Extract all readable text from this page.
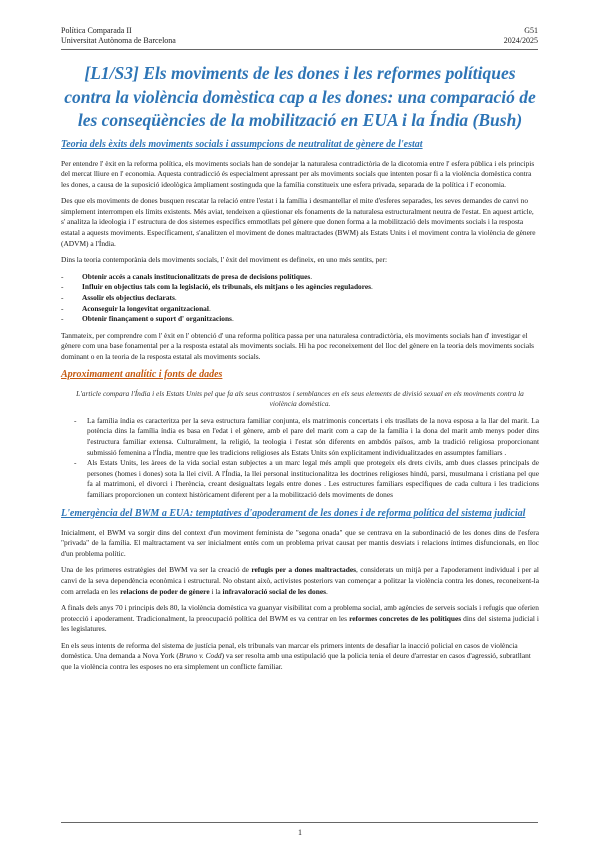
Política Comparada II
Universitat Autònoma de Barcelona
G51
2024/2025
[L1/S3] Els moviments de les dones i les reformes polítiques contra la violència domèstica cap a les dones: una comparació de les conseqüències de la mobilització en EUA i la Índia (Bush)
Teoria dels èxits dels moviments socials i assumpcions de neutralitat de gènere de l'estat

Per entendre l' èxit en la reforma política, els moviments socials han de sondejar la naturalesa contradictòria de la dicotomia entre l' esfera pública i els principis del mercat lliure en l' economia. Aquesta contradicció és especialment apressant per als moviments socials que intenten posar fi a la violència domèstica contra les dones, a causa de la suposició ideològica àmpliament sostinguda que la família constitueix une esfera privada, separada de la política i l' economia.

Des que els moviments de dones busquen rescatar la relació entre l'estat i la família i desmantellar el mite d'esferes separades, les seves demandes de canvi no simplement interrompen els límits existents. Més aviat, tendeixen a qüestionar els fonaments de la naturalesa estructuralment neutra de l'estat. En aquest article, s' analitza la ideologia i l' estructura de dos sistemes específics emmotllats pel gènere que donen forma a la mobilització dels moviments socials i la resposta estatal a aquests moviments. Específicament, s'analitzen el moviment de dones maltractades (BWM) als Estats Units i el moviment contra la violència de gènere (ADVM) a l'Índia.

Dins la teoria contemporània dels moviments socials, l' èxit del moviment es defineix, en uno més sentits, per:

-	Obtenir accés a canals institucionalitzats de presa de decisions polítiques.
-	Influir en objectius tals com la legislació, els tribunals, els mitjans o les agències reguladores.
-	Assolir els objectius declarats.
-	Aconseguir la longevitat organitzacional.
-	Obtenir finançament o suport d' organitzacions.

Tanmateix, per comprendre com l' èxit en l' obtenció d' una reforma política passa per una naturalesa contradictòria, els moviments socials han d' investigar el gènere com una base fonamental per a la resposta estatal als moviments socials. Hi ha poc reconeixement del lloc del gènere en la teoria dels moviments socials dominant o en la teoria de la resposta estatal als moviments socials.

Aproximament analític i fonts de dades

L'article compara l'Índia i els Estats Units pel que fa als seus contrastos i semblances en els seus elements de divisió sexual en els moviments contra la violència domèstica.

- La família índia es caracteritza per la seva estructura familiar conjunta, els matrimonis concertats i els trasllats de la nova esposa a la llar del marit. La potència dins la família índia es basa en l'edat i el gènere, amb el pare del marit com a cap de la família i la dona del marit amb menys poder dins l'estructura familiar extensa. Culturalment, la religió, la teologia i l'estat són diferents en ambdós països, amb la tradició religiosa proporcionant submissió femenina a l'Índia, mentre que les tradicions religioses als Estats Units són explícitament individualitzades en assumptes familiars .
- Als Estats Units, les àrees de la vida social estan subjectes a un marc legal més ampli que protegeix els drets civils, amb dues classes principals de persones (homes i dones) sota la llei civil. A l'Índia, la llei personal institucionalitza les doctrines religioses hindú, parsi, musulmana i cristiana pel que fa al matrimoni, el divorci i l'herència, creant desigualtats legals entre dones . Les estructures familiars específiques de cada cultura i les tradicions familiars proporcionen un context històricament diferent per a la mobilització dels moviments de dones
L'emergència del BWM a EUA: temptatives d'apoderament de les dones i de reforma política del sistema judicial

Inicialment, el BWM va sorgir dins del context d'un moviment feminista de "segona onada" que se centrava en la subordinació de les dones dins de l'esfera "privada" de la família. El maltractament va ser inicialment entès com un problema privat causat per mantis desviats i relacions íntimes disfuncionals, en lloc d'un problema polític.

Una de les primeres estratègies del BWM va ser la creació de refugis per a dones maltractades, considerats un mitjà per a l'apoderament individual i per al canvi de la seva dependència econòmica i estructural. No obstant això, activistes posteriors van començar a politzar la violència contra les dones, reconeixent-la com arrelada en les relacions de poder de gènere i la infravaloració social de les dones.

A finals dels anys 70 i principis dels 80, la violència domèstica va guanyar visibilitat com a problema social, amb agències de serveis socials i refugis que oferien protecció i apoderament. Tradicionalment, la preocupació política del BWM es va centrar en les reformes concretes de les polítiques dins del sistema judicial i les legislatures.

En els seus intents de reforma del sistema de justícia penal, els tribunals van marcar els primers intents de desafiar la inacció policial en casos de violència domèstica. Una demanda a Nova York (Bruno v. Codd) va ser resolta amb una estipulació que la policia tenia el deure d'arrestar en casos d'agressió, subratllant que la violència contra les esposes no era simplement un conflicte familiar.

1
